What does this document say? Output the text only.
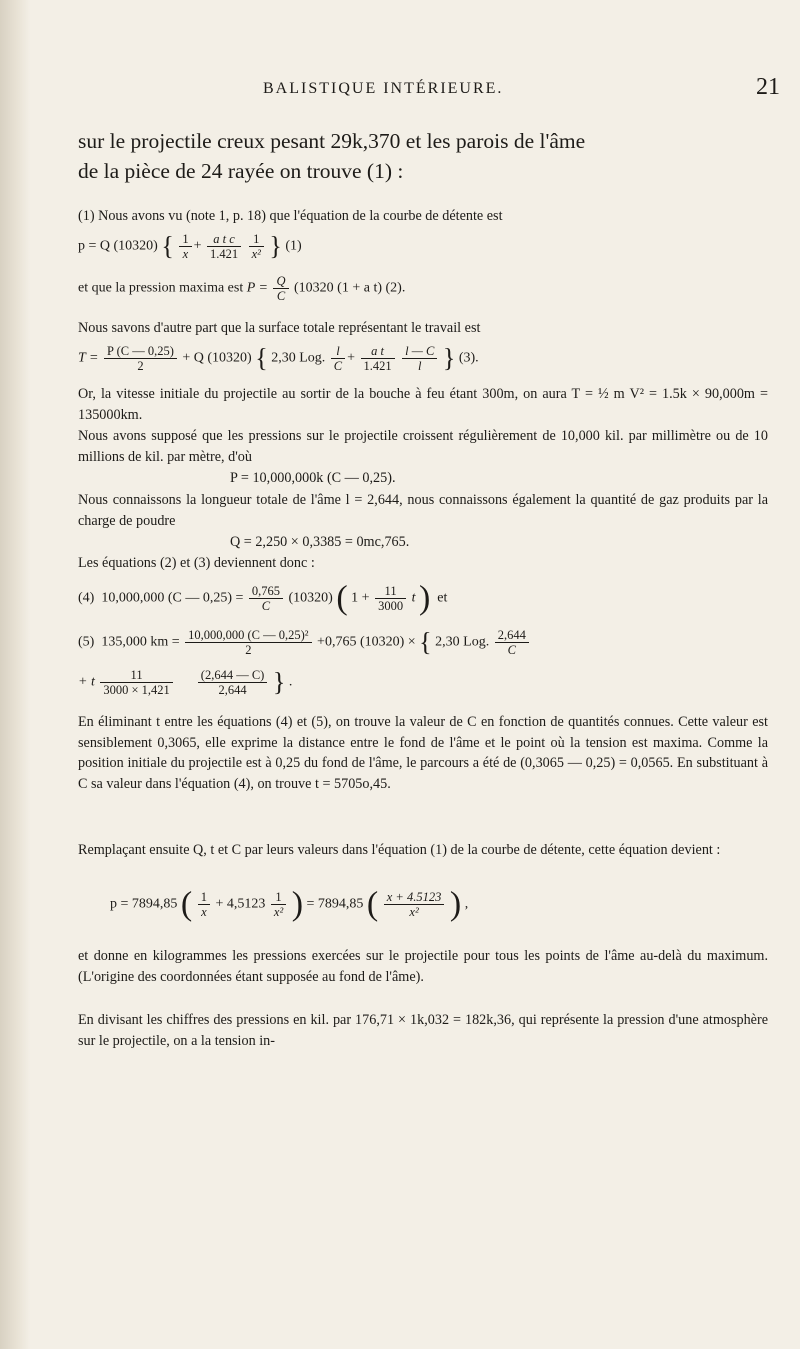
BALISTIQUE INTÉRIEURE.	21
sur le projectile creux pesant 29k,370 et les parois de l'âme
de la pièce de 24 rayée on trouve (1) :
(1) Nous avons vu (note 1, p. 18) que l'équation de la courbe de détente est
p = Q (10320) { $\frac{1}{x} + \frac{\text{a t c}}{1.421}$
$\frac{1}{\text{x²}}$ } (1)
et que la pression maxima est $P = \frac{Q}{C} (10320$ (1 + a t) (2).
Nous savons d'autre part que la surface totale représentant le travail est
$T = \frac{P (C — 0,25)}{2} + Q$ (10320) { 2,30 Log. $\frac{l}{C} + \frac{\text{a t}}{1.421}$
$\frac{l — C}{l}$ } (3).
Or, la vitesse initiale du projectile au sortir de la bouche à feu étant 300m, on aura T = ½ m V² = 1.5k × 90,000m = 135000km.
Nous avons supposé que les pressions sur le projectile croissent régulièrement de 10,000 kil. par millimètre ou de 10 millions de kil. par mètre, d'où
P = 10,000,000k (C — 0,25).
Nous connaissons la longueur totale de l'âme l = 2,644, nous connaissons également la quantité de gaz produits par la charge de poudre
Q = 2,250 × 0,3385 = 0mc,765.
Les équations (2) et (3) deviennent donc :
(4) 10,000,000 (C — $0,25) = \frac{0,765}{C} (10320)$ ( $1 + \frac{11}{3000}$ t ) et
(5) 135,000 km = $\frac{\text{10,000,000 (C — 0,25)²}}{2} +0,765$ (10320) × { 2,30 Log. $\frac{2,644}{C}$
+ t $\frac{11}{3000 \times 1,421}$
$\frac{(2,644 — C)}{2,644}$ } .
En éliminant t entre les équations (4) et (5), on trouve la valeur de C en fonction de quantités connues. Cette valeur est sensiblement 0,3065, elle exprime la distance entre le fond de l'âme et le point où la tension est maxima. Comme la position initiale du projectile est à 0,25 du fond de l'âme, le parcours a été de (0,3065 — 0,25) = 0,0565. En substituant à C sa valeur dans l'équation (4), on trouve t = 5705o,45.
Remplaçant ensuite Q, t et C par leurs valeurs dans l'équation (1) de la courbe de détente, cette équation devient :
p = 7894,85 ( $\frac{1}{x} + 4,5123 \frac{1}{\text{x²}}$ ) = 7894,85 ( $\frac{x + 4.5123}{\text{x²}}$ ) ,
et donne en kilogrammes les pressions exercées sur le projectile pour tous les points de l'âme au-delà du maximum. (L'origine des coordonnées étant supposée au fond de l'âme).
En divisant les chiffres des pressions en kil. par 176,71 × 1k,032 = 182k,36, qui représente la pression d'une atmosphère sur le projectile, on a la tension in-
